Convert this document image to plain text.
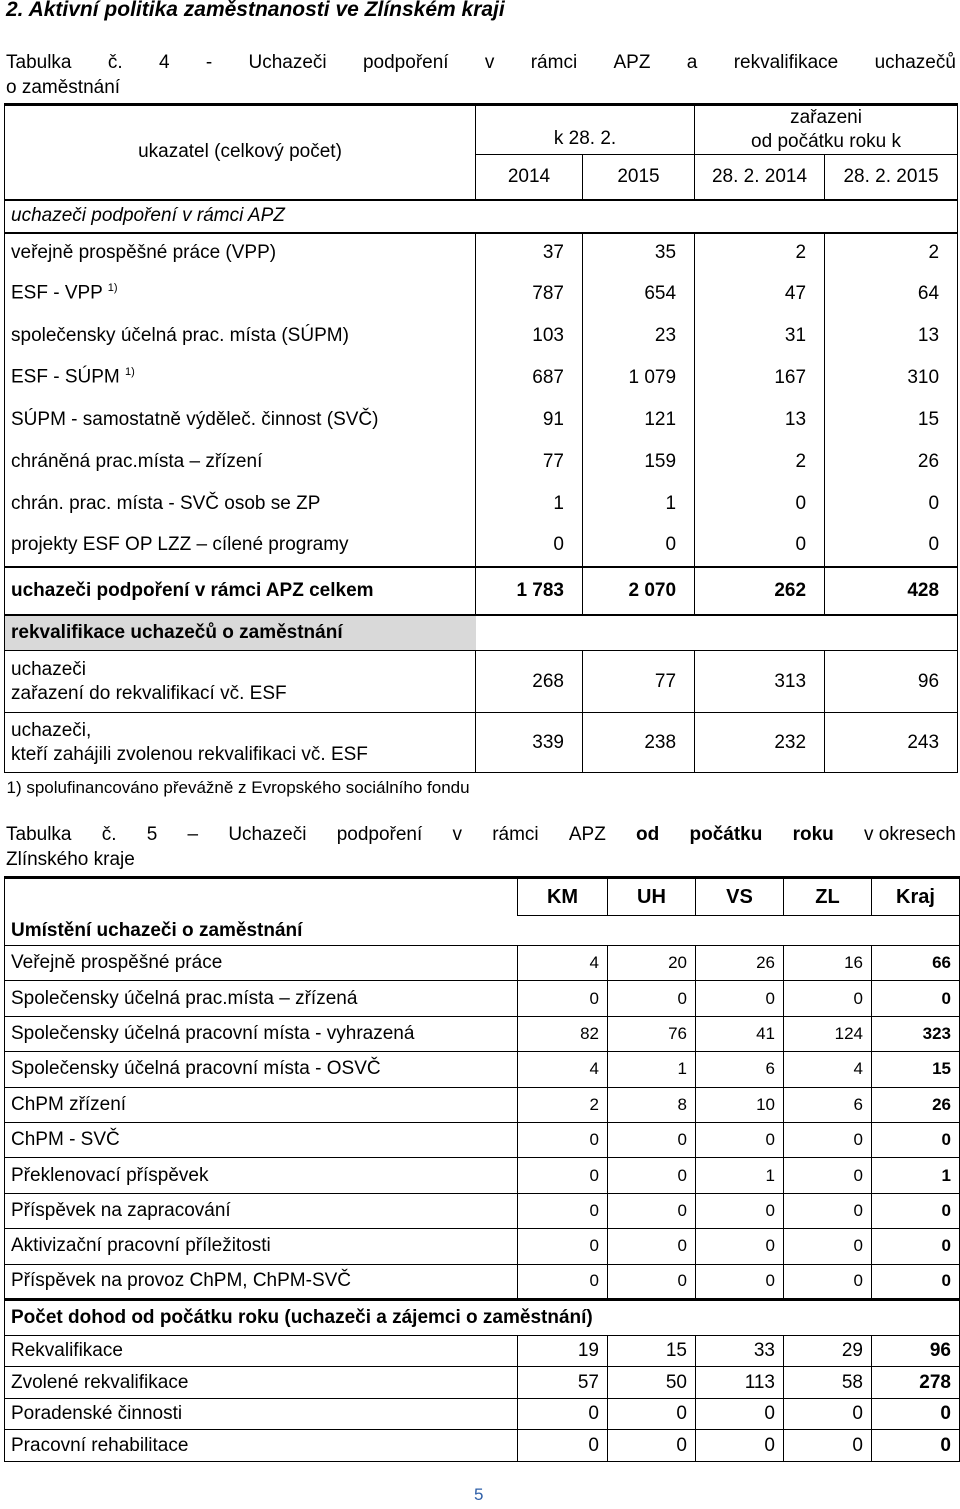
2. Aktivní politika zaměstnanosti ve Zlínském kraji
Tabulka č. 4 - Uchazeči podpoření v rámci APZ a rekvalifikace uchazečů
o zaměstnání
ukazatel (celkový počet)	k 28. 2.		zařazeni
od počátku roku k	

	2014	2015	28. 2. 2014	28. 2. 2015
uchazeči podpoření v rámci APZ				
veřejně prospěšné práce (VPP)	37	35	2	2
ESF - VPP $^{1)}$	787	654	47	64
společensky účelná prac. místa (SÚPM)	103	23	31	13
ESF - SÚPM $^{1)}$	687	1 079	167	310
SÚPM - samostatně výděleč. činnost (SVČ)	91	121	13	15
chráněná prac.místa – zřízení	77	159	2	26
chrán. prac. místa - SVČ osob se ZP	1	1	0	0
projekty ESF OP LZZ – cílené programy	0	0	0	0
uchazeči podpoření v rámci APZ celkem	1 783	2 070	262	428
rekvalifikace uchazečů o zaměstnání				

uchazeči
zařazení do rekvalifikací vč. ESF	268	77	313	96

uchazeči,
kteří zahájili zvolenou rekvalifikaci vč. ESF	339	238	232	243
1) spolufinancováno převážně z Evropského sociálního fondu				
Tabulka č. 5 – Uchazeči podpoření v rámci APZ od počátku roku v okresech
Zlínského kraje
	KM	UH	VS	ZL	Kraj
Umístění uchazeči o zaměstnání					
Veřejně prospěšné práce	4	20	26	16	66
Společensky účelná prac.místa – zřízená	0	0	0	0	0
Společensky účelná pracovní místa - vyhrazená	82	76	41	124	323
Společensky účelná pracovní místa - OSVČ	4	1	6	4	15
ChPM zřízení	2	8	10	6	26
ChPM - SVČ	0	0	0	0	0
Překlenovací příspěvek	0	0	1	0	1
Příspěvek na zapracování	0	0	0	0	0
Aktivizační pracovní příležitosti	0	0	0	0	0
Příspěvek na provoz ChPM, ChPM-SVČ	0	0	0	0	0
Počet dohod od počátku roku (uchazeči a zájemci o zaměstnání)					
Rekvalifikace	19	15	33	29	96
Zvolené rekvalifikace	57	50	113	58	278
Poradenské činnosti	0	0	0	0	0
Pracovní rehabilitace	0	0	0	0	0
5
